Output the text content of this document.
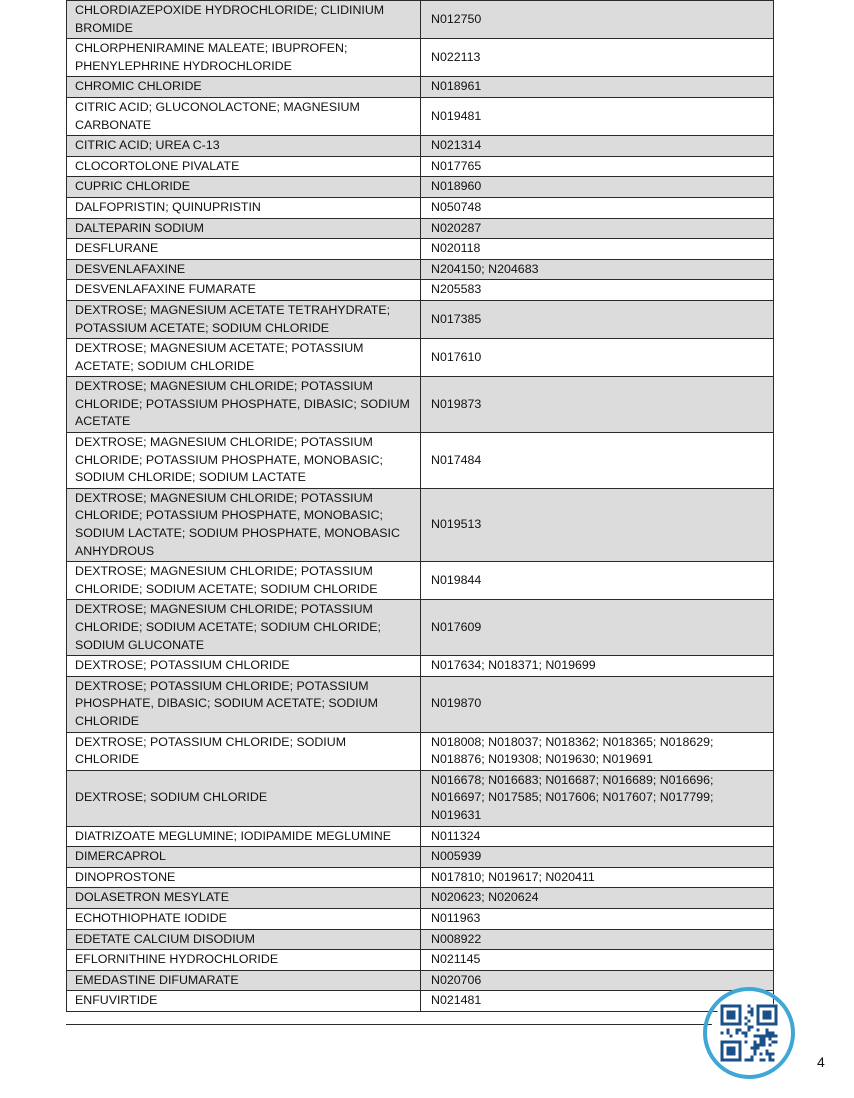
CHLORDIAZEPOXIDE HYDROCHLORIDE; CLIDINIUM BROMIDE	N012750
CHLORPHENIRAMINE MALEATE; IBUPROFEN; PHENYLEPHRINE HYDROCHLORIDE	N022113
CHROMIC CHLORIDE	N018961
CITRIC ACID; GLUCONOLACTONE; MAGNESIUM CARBONATE	N019481
CITRIC ACID; UREA C-13	N021314
CLOCORTOLONE PIVALATE	N017765
CUPRIC CHLORIDE	N018960
DALFOPRISTIN; QUINUPRISTIN	N050748
DALTEPARIN SODIUM	N020287
DESFLURANE	N020118
DESVENLAFAXINE	N204150; N204683
DESVENLAFAXINE FUMARATE	N205583
DEXTROSE; MAGNESIUM ACETATE TETRAHYDRATE; POTASSIUM ACETATE; SODIUM CHLORIDE	N017385
DEXTROSE; MAGNESIUM ACETATE; POTASSIUM ACETATE; SODIUM CHLORIDE	N017610
DEXTROSE; MAGNESIUM CHLORIDE; POTASSIUM CHLORIDE; POTASSIUM PHOSPHATE, DIBASIC; SODIUM ACETATE	N019873
DEXTROSE; MAGNESIUM CHLORIDE; POTASSIUM CHLORIDE; POTASSIUM PHOSPHATE, MONOBASIC; SODIUM CHLORIDE; SODIUM LACTATE	N017484
DEXTROSE; MAGNESIUM CHLORIDE; POTASSIUM CHLORIDE; POTASSIUM PHOSPHATE, MONOBASIC; SODIUM LACTATE; SODIUM PHOSPHATE, MONOBASIC ANHYDROUS	N019513
DEXTROSE; MAGNESIUM CHLORIDE; POTASSIUM CHLORIDE; SODIUM ACETATE; SODIUM CHLORIDE	N019844
DEXTROSE; MAGNESIUM CHLORIDE; POTASSIUM CHLORIDE; SODIUM ACETATE; SODIUM CHLORIDE; SODIUM GLUCONATE	N017609
DEXTROSE; POTASSIUM CHLORIDE	N017634; N018371; N019699
DEXTROSE; POTASSIUM CHLORIDE; POTASSIUM PHOSPHATE, DIBASIC; SODIUM ACETATE; SODIUM CHLORIDE	N019870
DEXTROSE; POTASSIUM CHLORIDE; SODIUM CHLORIDE	N018008; N018037; N018362; N018365; N018629; N018876; N019308; N019630; N019691
DEXTROSE; SODIUM CHLORIDE	N016678; N016683; N016687; N016689; N016696; N016697; N017585; N017606; N017607; N017799; N019631
DIATRIZOATE MEGLUMINE; IODIPAMIDE MEGLUMINE	N011324
DIMERCAPROL	N005939
DINOPROSTONE	N017810; N019617; N020411
DOLASETRON MESYLATE	N020623; N020624
ECHOTHIOPHATE IODIDE	N011963
EDETATE CALCIUM DISODIUM	N008922
EFLORNITHINE HYDROCHLORIDE	N021145
EMEDASTINE DIFUMARATE	N020706
ENFUVIRTIDE	N021481
4
